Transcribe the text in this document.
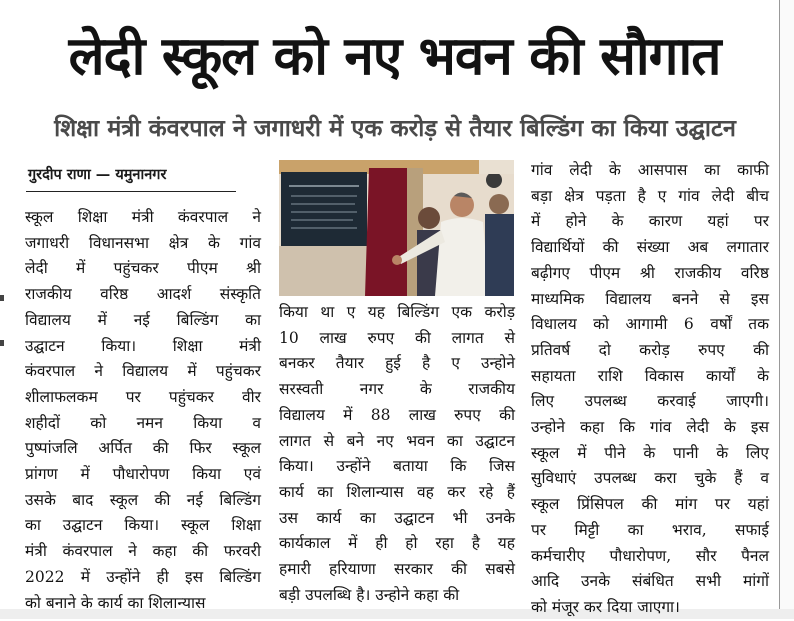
लेदी स्कूल को नए भवन की सौगात
शिक्षा मंत्री कंवरपाल ने जगाधरी में एक करोड़ से तैयार बिल्डिंग का किया उद्घाटन
गुरदीप राणा — यमुनानगर

स्कूल शिक्षा मंत्री कंवरपाल ने

जगाधरी विधानसभा क्षेत्र के गांव

लेदी में पहुंचकर पीएम श्री

राजकीय वरिष्ठ आदर्श संस्कृति

विद्यालय में नई बिल्डिंग का

उद्घाटन किया। शिक्षा मंत्री

कंवरपाल ने विद्यालय में पहुंचकर

शीलाफलकम पर पहुंचकर वीर

शहीदों को नमन किया व

पुष्पांजलि अर्पित की फिर स्कूल

प्रांगण में पौधारोपण किया एवं

उसके बाद स्कूल की नई बिल्डिंग

का उद्घाटन किया। स्कूल शिक्षा

मंत्री कंवरपाल ने कहा की फरवरी

2022 में उन्होंने ही इस बिल्डिंग

को बनाने के कार्य का शिलान्यास

किया था ए यह बिल्डिंग एक करोड़

10 लाख रुपए की लागत से

बनकर तैयार हुई है ए उन्होने

सरस्वती नगर के राजकीय

विद्यालय में 88 लाख रुपए की

लागत से बने नए भवन का उद्घाटन

किया। उन्होंने बताया कि जिस

कार्य का शिलान्यास वह कर रहे हैं

उस कार्य का उद्घाटन भी उनके

कार्यकाल में ही हो रहा है यह

हमारी हरियाणा सरकार की सबसे

बड़ी उपलब्धि है। उन्होने कहा की

गांव लेदी के आसपास का काफी

बड़ा क्षेत्र पड़ता है ए गांव लेदी बीच

में होने के कारण यहां पर

विद्यार्थियों की संख्या अब लगातार

बढ़ीगए पीएम श्री राजकीय वरिष्ठ

माध्यमिक विद्यालय बनने से इस

विधालय को आगामी 6 वर्षों तक

प्रतिवर्ष दो करोड़ रुपए की

सहायता राशि विकास कार्यों के

लिए उपलब्ध करवाई जाएगी।

उन्होने कहा कि गांव लेदी के इस

स्कूल में पीने के पानी के लिए

सुविधाएं उपलब्ध करा चुके हैं व

स्कूल प्रिंसिपल की मांग पर यहां

पर मिट्टी का भराव, सफाई

कर्मचारीए पौधारोपण, सौर पैनल

आदि उनके संबंधित सभी मांगों

को मंजूर कर दिया जाएगा।
